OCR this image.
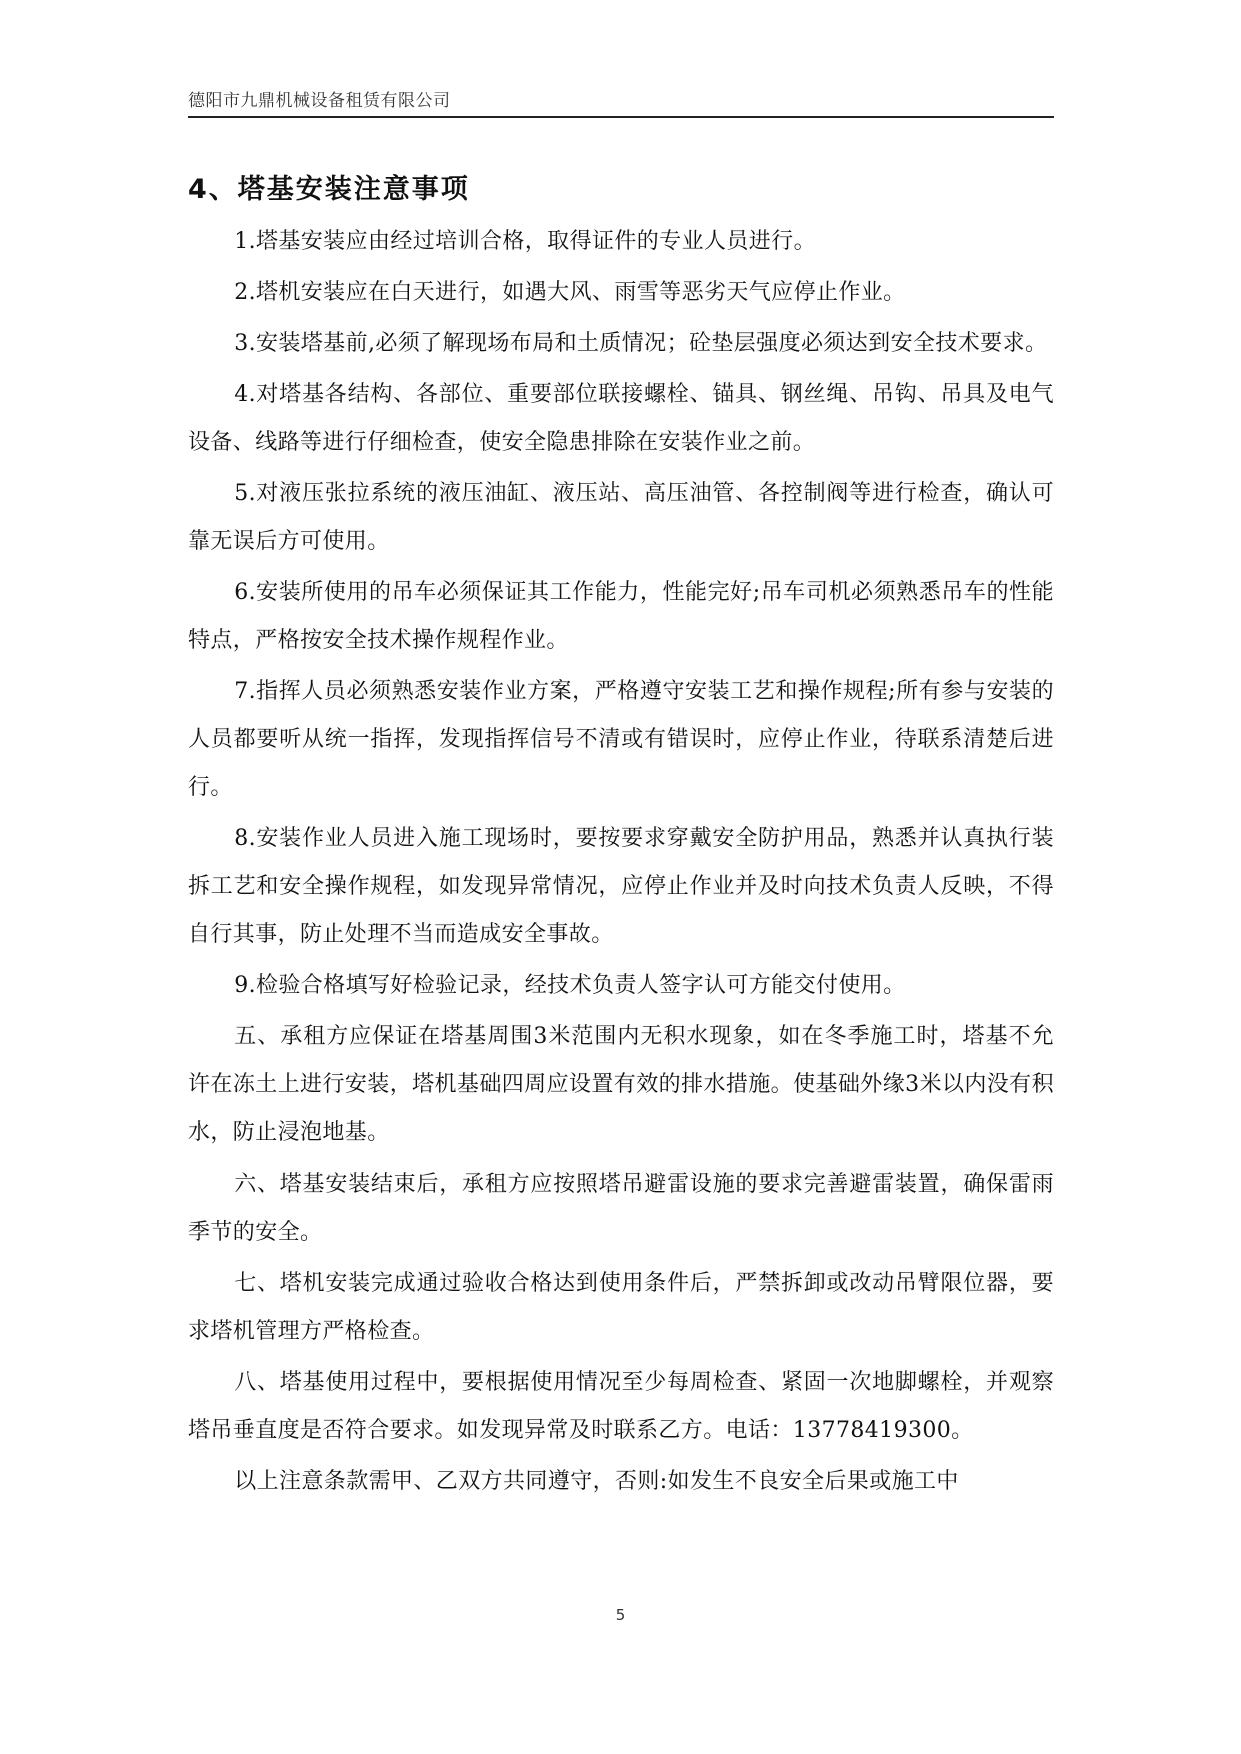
德阳市九鼎机械设备租赁有限公司
4、塔基安装注意事项

1.塔基安装应由经过培训合格，取得证件的专业人员进行。

2.塔机安装应在白天进行，如遇大风、雨雪等恶劣天气应停止作业。

3.安装塔基前,必须了解现场布局和土质情况；砼垫层强度必须达到安全技术要求。

4.对塔基各结构、各部位、重要部位联接螺栓、锚具、钢丝绳、吊钩、吊具及电气设备、线路等进行仔细检查，使安全隐患排除在安装作业之前。

5.对液压张拉系统的液压油缸、液压站、高压油管、各控制阀等进行检查，确认可靠无误后方可使用。

6.安装所使用的吊车必须保证其工作能力，性能完好;吊车司机必须熟悉吊车的性能特点，严格按安全技术操作规程作业。

7.指挥人员必须熟悉安装作业方案，严格遵守安装工艺和操作规程;所有参与安装的人员都要听从统一指挥，发现指挥信号不清或有错误时，应停止作业，待联系清楚后进行。

8.安装作业人员进入施工现场时，要按要求穿戴安全防护用品，熟悉并认真执行装拆工艺和安全操作规程，如发现异常情况，应停止作业并及时向技术负责人反映，不得自行其事，防止处理不当而造成安全事故。

9.检验合格填写好检验记录，经技术负责人签字认可方能交付使用。

五、承租方应保证在塔基周围3米范围内无积水现象，如在冬季施工时，塔基不允许在冻土上进行安装，塔机基础四周应设置有效的排水措施。使基础外缘3米以内没有积水，防止浸泡地基。

六、塔基安装结束后，承租方应按照塔吊避雷设施的要求完善避雷装置，确保雷雨季节的安全。

七、塔机安装完成通过验收合格达到使用条件后，严禁拆卸或改动吊臂限位器，要求塔机管理方严格检查。

八、塔基使用过程中，要根据使用情况至少每周检查、紧固一次地脚螺栓，并观察塔吊垂直度是否符合要求。如发现异常及时联系乙方。电话：13778419300。

以上注意条款需甲、乙双方共同遵守，否则:如发生不良安全后果或施工中

5
